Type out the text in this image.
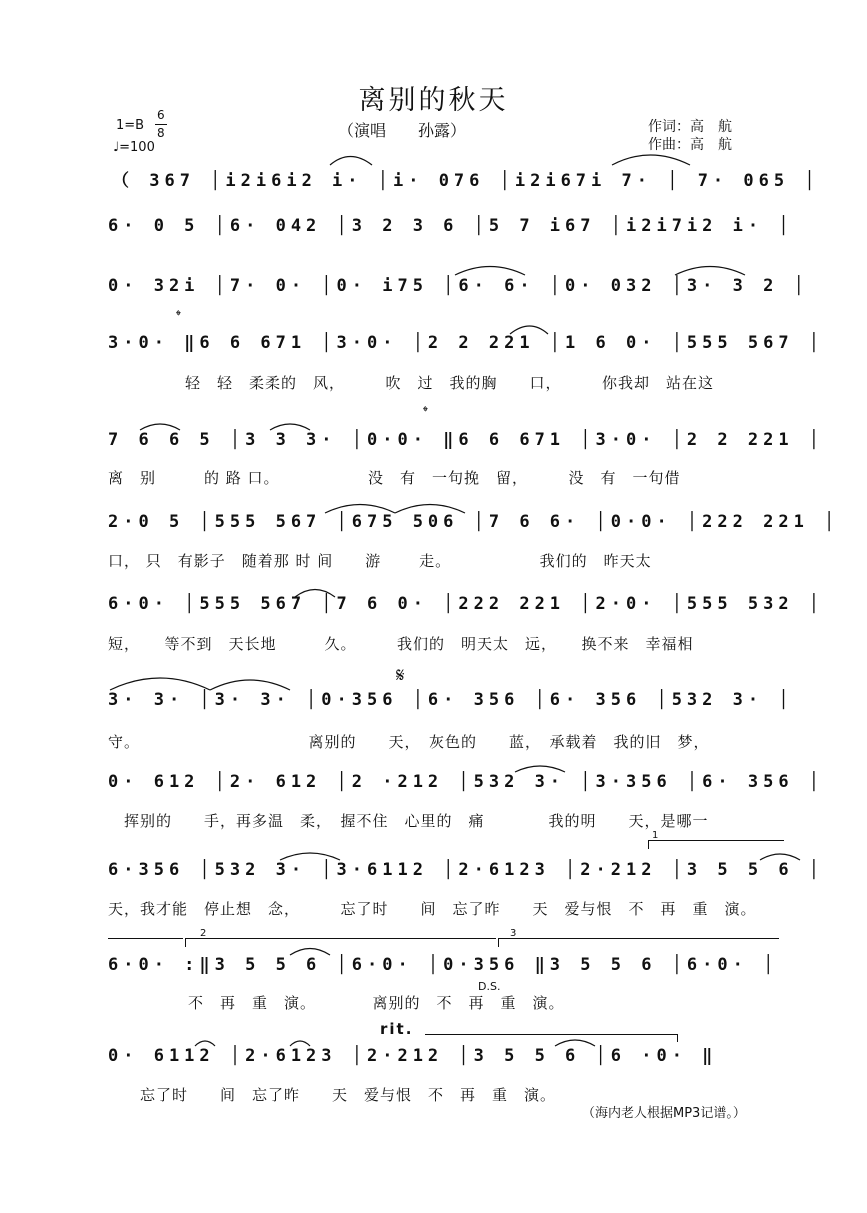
离别的秋天
（演唱　　孙露）	作词：高　航
作曲：高　航
1=B
6
8
♩=100
（ 367 │i2i6i2 i· │i· 076 │i2i67i 7· │ 7· 065 │
6· 0 5 │6· 042 │3 2 3 6 │5 7 i67 │i2i7i2 i· │
0· 32i │7· 0· │0· i75 │6· 6· │0· 032 │3· 3 2 │
3·0· ‖6 6 671 │3·0· │2 2 221 │1 6 0· │555 567 │
轻　轻　柔柔的　风，　　　吹　过　我的胸　　口，　　　你我却　站在这
7 6 6 5 │3 3 3· │0·0· ‖6 6 671 │3·0· │2 2 221 │
离　别　　　的 路 口。　　　　　　没　有　一句挽　留，　　　没　有　一句借
2·0 5 │555 567 │675 506 │7 6 6· │0·0· │222 221 │
口， 只　有影子　随着那 时 间　　游　　 走。　　　　　　我们的　昨天太
6·0· │555 567 │7 6 0· │222 221 │2·0· │555 532 │
短，　　等不到　天长地　　　久。　　　我们的　明天太　远，　　换不来　幸福相
3· 3· │3· 3· │0·356 │6· 356 │6· 356 │532 3· │
守。　　　　　　　　　　　离别的　　天，　灰色的　　蓝，　承载着　我的旧　梦，
0· 612 │2· 612 │2 ·212 │532 3· │3·356 │6· 356 │
　挥别的　　手，再多温　柔，　握不住　心里的　痛　　　　我的明　　天，是哪一
6·356 │532 3· │3·6112 │2·6123 │2·212 │3 5 5 6 │
天，我才能　停止想　念，　　　忘了时　　间　忘了昨　　天　爱与恨　不　再　重　演。
6·0· :‖3 5 5 6 │6·0· │0·356 ‖3 5 5 6 │6·0· │
　　　　　不　再　重　演。　　　　离别的　不　再　重　演。
0· 6112 │2·6123 │2·212 │3 5 5 6 │6 ·0· ‖
　　忘了时　　间　忘了昨　　天　爱与恨　不　再　重　演。
𝄌
𝄌
𝄋
D.S.
rit.
1
2	3
（海内老人根据MP3记谱。）
